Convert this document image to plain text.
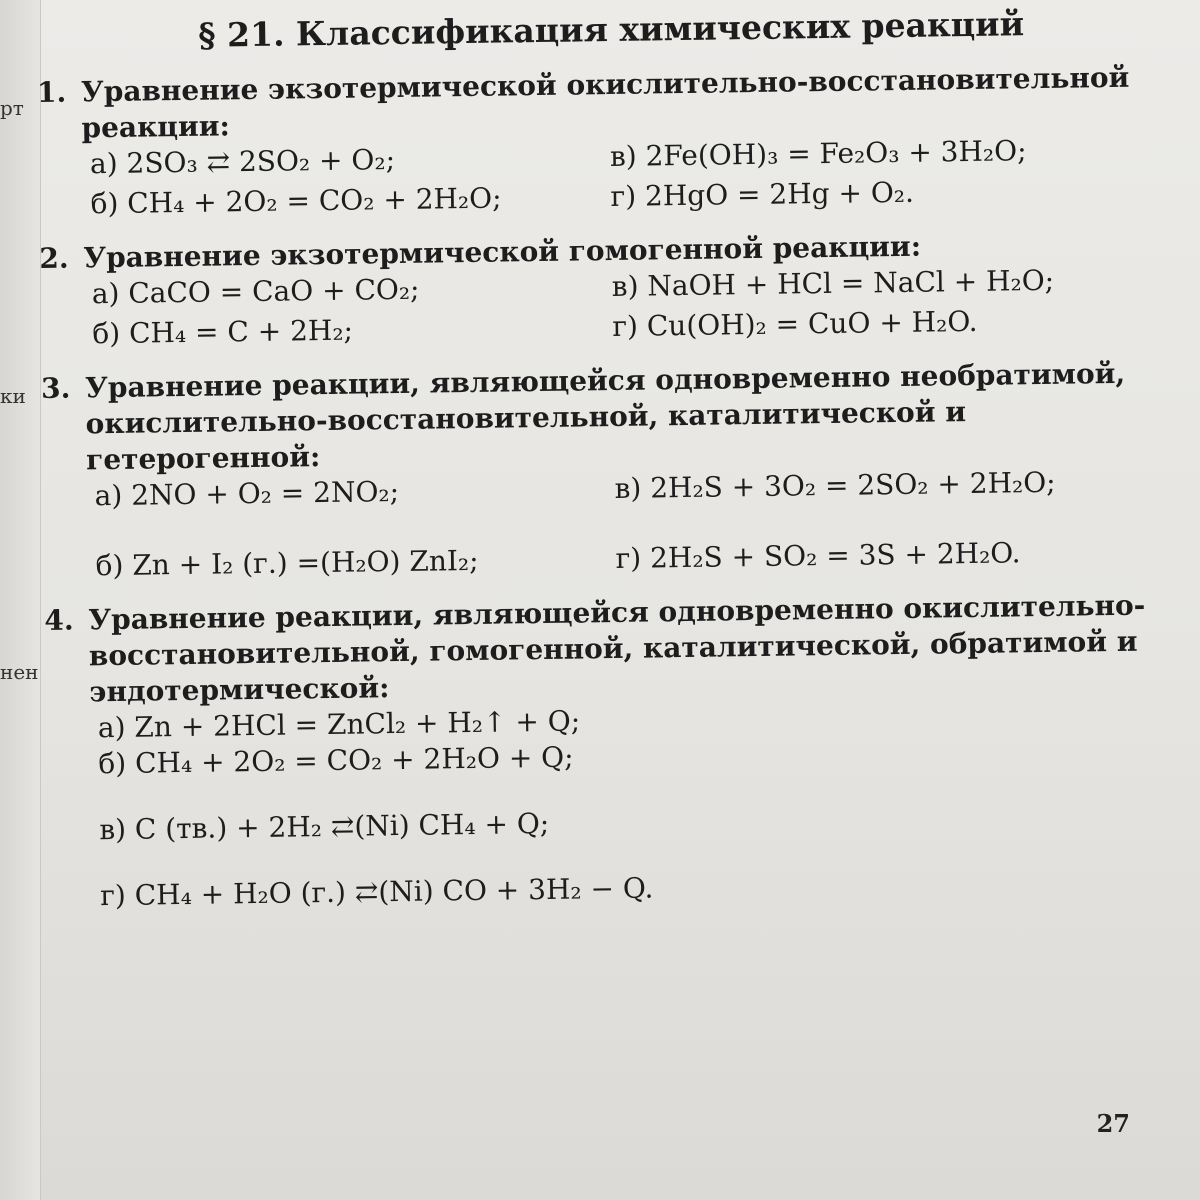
рт
ки
нен
§ 21. Классификация химических реакций
1. Уравнение экзотермической окислительно-восстановительной реакции:
а) 2SO₃ ⇄ 2SO₂ + O₂;	в) 2Fe(OH)₃ = Fe₂O₃ + 3H₂O;
б) CH₄ + 2O₂ = CO₂ + 2H₂O;	г) 2HgO = 2Hg + O₂.
2. Уравнение экзотермической гомогенной реакции:
а) CaCO = CaO + CO₂;	в) NaOH + HCl = NaCl + H₂O;
б) CH₄ = C + 2H₂;	г) Cu(OH)₂ = CuO + H₂O.
3. Уравнение реакции, являющейся одновременно необратимой, окислительно-восстановительной, каталитической и гетерогенной:
а) 2NO + O₂ = 2NO₂;	в) 2H₂S + 3O₂ = 2SO₂ + 2H₂O;
б) Zn + I₂ (г.) =(H₂O) ZnI₂;	г) 2H₂S + SO₂ = 3S + 2H₂O.
4. Уравнение реакции, являющейся одновременно окислительно-восстановительной, гомогенной, каталитической, обратимой и эндотермической:
а) Zn + 2HCl = ZnCl₂ + H₂↑ + Q;
б) CH₄ + 2O₂ = CO₂ + 2H₂O + Q;
в) C (тв.) + 2H₂ ⇄(Ni) CH₄ + Q;
г) CH₄ + H₂O (г.) ⇄(Ni) CO + 3H₂ − Q.
27
